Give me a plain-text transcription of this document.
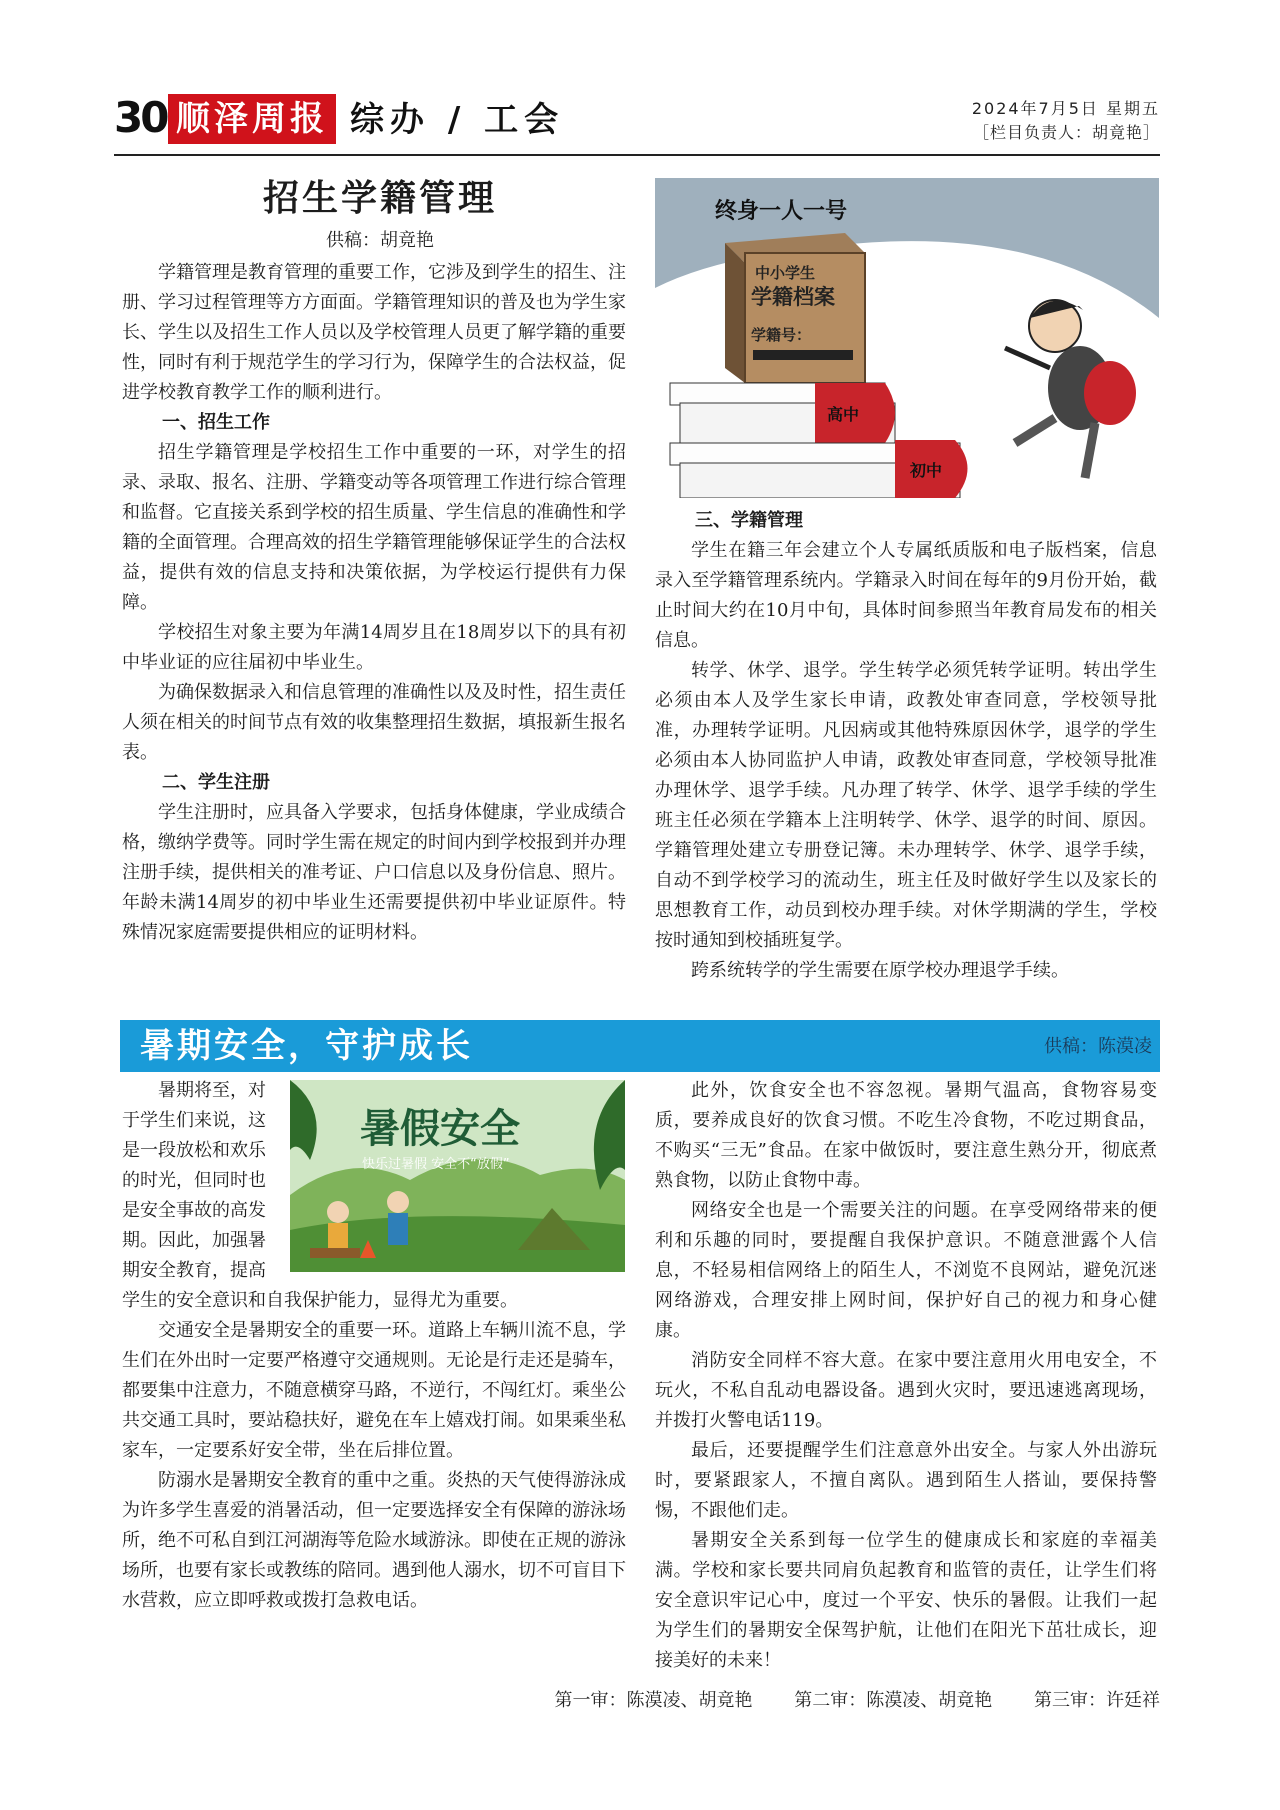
30 顺泽周报 综办 / 工会	2024年7月5日 星期五
［栏目负责人：胡竟艳］
招生学籍管理
供稿：胡竟艳

学籍管理是教育管理的重要工作，它涉及到学生的招生、注册、学习过程管理等方方面面。学籍管理知识的普及也为学生家长、学生以及招生工作人员以及学校管理人员更了解学籍的重要性，同时有利于规范学生的学习行为，保障学生的合法权益，促进学校教育教学工作的顺利进行。

一、招生工作

招生学籍管理是学校招生工作中重要的一环，对学生的招录、录取、报名、注册、学籍变动等各项管理工作进行综合管理和监督。它直接关系到学校的招生质量、学生信息的准确性和学籍的全面管理。合理高效的招生学籍管理能够保证学生的合法权益，提供有效的信息支持和决策依据，为学校运行提供有力保障。

学校招生对象主要为年满14周岁且在18周岁以下的具有初中毕业证的应往届初中毕业生。

为确保数据录入和信息管理的准确性以及及时性，招生责任人须在相关的时间节点有效的收集整理招生数据，填报新生报名表。

二、学生注册

学生注册时，应具备入学要求，包括身体健康，学业成绩合格，缴纳学费等。同时学生需在规定的时间内到学校报到并办理注册手续，提供相关的准考证、户口信息以及身份信息、照片。年龄未满14周岁的初中毕业生还需要提供初中毕业证原件。特殊情况家庭需要提供相应的证明材料。

终身一人一号
中小学生
学籍档案
学籍号：
高中
初中

三、学籍管理

学生在籍三年会建立个人专属纸质版和电子版档案，信息录入至学籍管理系统内。学籍录入时间在每年的9月份开始，截止时间大约在10月中旬，具体时间参照当年教育局发布的相关信息。

转学、休学、退学。学生转学必须凭转学证明。转出学生必须由本人及学生家长申请，政教处审查同意，学校领导批准，办理转学证明。凡因病或其他特殊原因休学，退学的学生必须由本人协同监护人申请，政教处审查同意，学校领导批准办理休学、退学手续。凡办理了转学、休学、退学手续的学生班主任必须在学籍本上注明转学、休学、退学的时间、原因。学籍管理处建立专册登记簿。未办理转学、休学、退学手续，自动不到学校学习的流动生，班主任及时做好学生以及家长的思想教育工作，动员到校办理手续。对休学期满的学生，学校按时通知到校插班复学。

跨系统转学的学生需要在原学校办理退学手续。

暑期安全，守护成长	供稿：陈漠凌
暑期将至，对
于学生们来说，这
是一段放松和欢乐
的时光，但同时也
是安全事故的高发
期。因此，加强暑
期安全教育，提高
暑假安全
快乐过暑假 安全不“放假”

学生的安全意识和自我保护能力，显得尤为重要。

交通安全是暑期安全的重要一环。道路上车辆川流不息，学生们在外出时一定要严格遵守交通规则。无论是行走还是骑车，都要集中注意力，不随意横穿马路，不逆行，不闯红灯。乘坐公共交通工具时，要站稳扶好，避免在车上嬉戏打闹。如果乘坐私家车，一定要系好安全带，坐在后排位置。

防溺水是暑期安全教育的重中之重。炎热的天气使得游泳成为许多学生喜爱的消暑活动，但一定要选择安全有保障的游泳场所，绝不可私自到江河湖海等危险水域游泳。即使在正规的游泳场所，也要有家长或教练的陪同。遇到他人溺水，切不可盲目下水营救，应立即呼救或拨打急救电话。

此外，饮食安全也不容忽视。暑期气温高，食物容易变质，要养成良好的饮食习惯。不吃生冷食物，不吃过期食品，不购买“三无”食品。在家中做饭时，要注意生熟分开，彻底煮熟食物，以防止食物中毒。

网络安全也是一个需要关注的问题。在享受网络带来的便利和乐趣的同时，要提醒自我保护意识。不随意泄露个人信息，不轻易相信网络上的陌生人，不浏览不良网站，避免沉迷网络游戏，合理安排上网时间，保护好自己的视力和身心健康。

消防安全同样不容大意。在家中要注意用火用电安全，不玩火，不私自乱动电器设备。遇到火灾时，要迅速逃离现场，并拨打火警电话119。

最后，还要提醒学生们注意意外出安全。与家人外出游玩时，要紧跟家人，不擅自离队。遇到陌生人搭讪，要保持警惕，不跟他们走。

暑期安全关系到每一位学生的健康成长和家庭的幸福美满。学校和家长要共同肩负起教育和监管的责任，让学生们将安全意识牢记心中，度过一个平安、快乐的暑假。让我们一起为学生们的暑期安全保驾护航，让他们在阳光下茁壮成长，迎接美好的未来！

第一审：陈漠凌、胡竟艳 第二审：陈漠凌、胡竟艳 第三审：许廷祥
